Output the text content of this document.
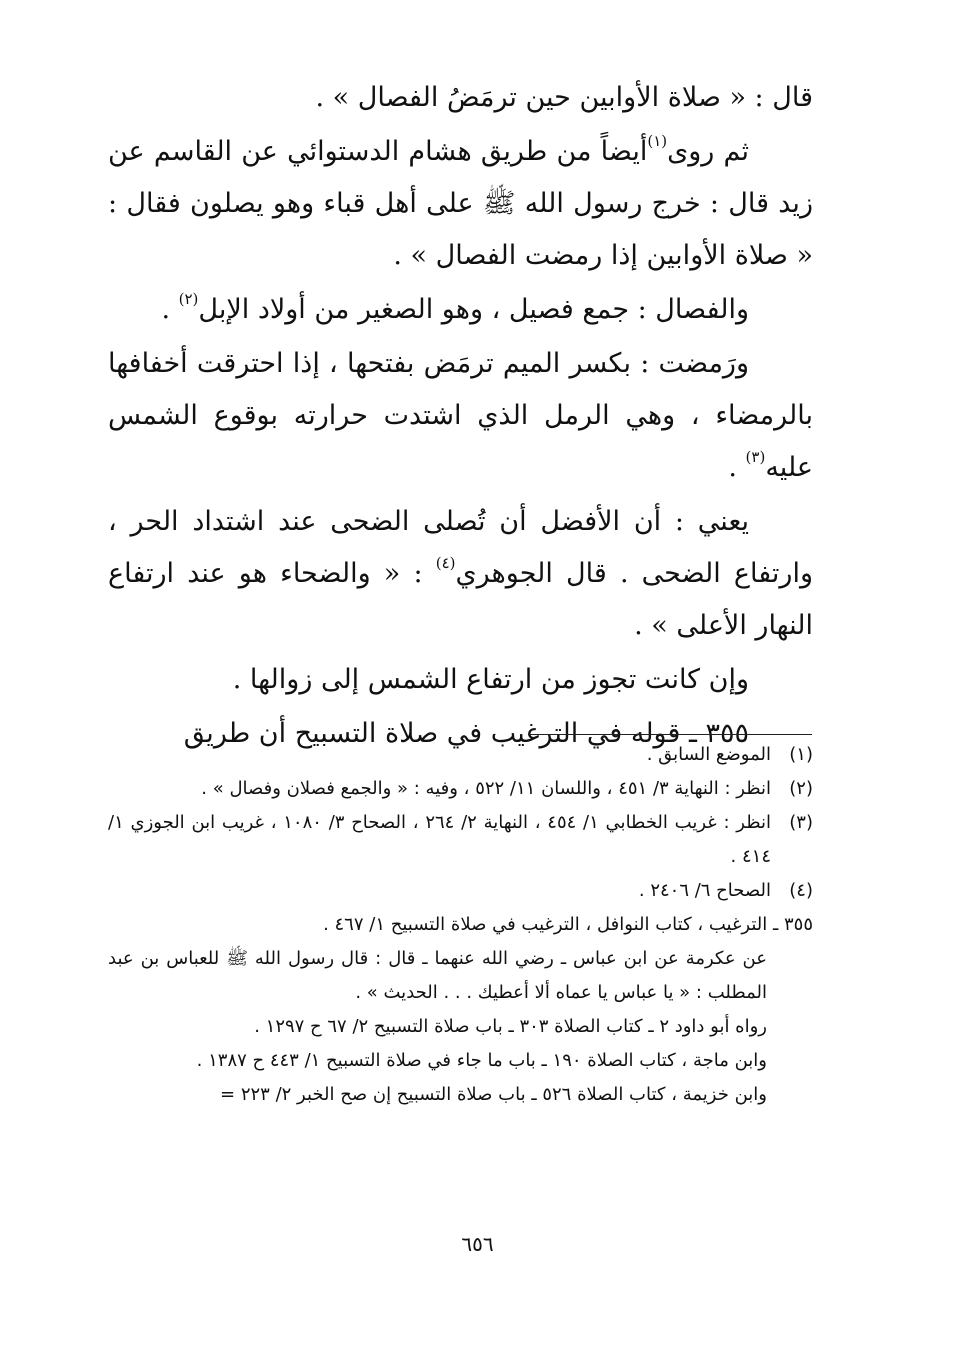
قال : « صلاة الأوابين حين ترمَضُ الفصال » .

ثم روى$^{(١)}$أيضاً من طريق هشام الدستوائي عن القاسم عن زيد قال : خرج رسول الله ﷺ على أهل قباء وهو يصلون فقال : « صلاة الأوابين إذا رمضت الفصال » .

والفصال : جمع فصيل ، وهو الصغير من أولاد الإبل$^{(٢)}$ .

ورَمضت : بكسر الميم ترمَض بفتحها ، إذا احترقت أخفافها بالرمضاء ، وهي الرمل الذي اشتدت حرارته بوقوع الشمس عليه$^{(٣)}$ .

يعني : أن الأفضل أن تُصلى الضحى عند اشتداد الحر ، وارتفاع الضحى . قال الجوهري$^{(٤)}$ : « والضحاء هو عند ارتفاع النهار الأعلى » .

وإن كانت تجوز من ارتفاع الشمس إلى زوالها .

٣٥٥ ـ قوله في الترغيب في صلاة التسبيح أن طريق

(١)
الموضع السابق .
(٢)
انظر : النهاية ٣/ ٤٥١ ، واللسان ١١/ ٥٢٢ ، وفيه : « والجمع فصلان وفصال » .
(٣)
انظر : غريب الخطابي ١/ ٤٥٤ ، النهاية ٢/ ٢٦٤ ، الصحاح ٣/ ١٠٨٠ ، غريب ابن الجوزي ١/ ٤١٤ .
(٤)
الصحاح ٦/ ٢٤٠٦ .

٣٥٥ ـ الترغيب ، كتاب النوافل ، الترغيب في صلاة التسبيح ١/ ٤٦٧ .

عن عكرمة عن ابن عباس ـ رضي الله عنهما ـ قال : قال رسول الله ﷺ للعباس بن عبد المطلب : « يا عباس يا عماه ألا أعطيك . . . الحديث » .

رواه أبو داود ٢ ـ كتاب الصلاة ٣٠٣ ـ باب صلاة التسبيح ٢/ ٦٧ ح ١٢٩٧ .

وابن ماجة ، كتاب الصلاة ١٩٠ ـ باب ما جاء في صلاة التسبيح ١/ ٤٤٣ ح ١٣٨٧ .

وابن خزيمة ، كتاب الصلاة ٥٢٦ ـ باب صلاة التسبيح إن صح الخبر ٢/ ٢٢٣ =

٦٥٦
